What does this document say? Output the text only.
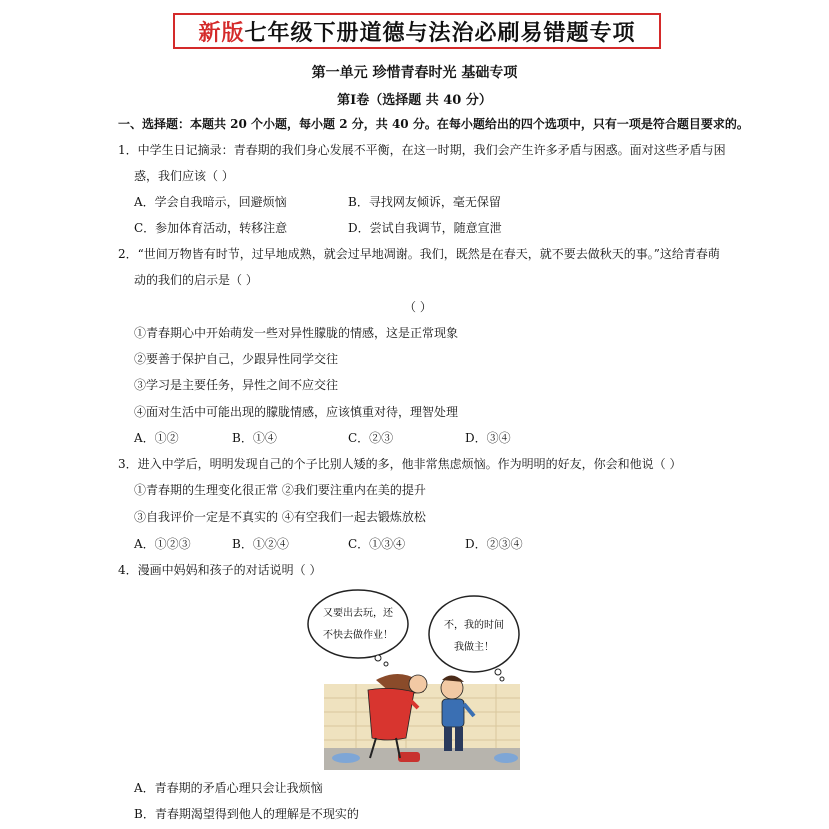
新版 七年级下册道德与法治必刷易错题专项
第一单元 珍惜青春时光 基础专项
第Ⅰ卷（选择题 共 40 分）
一、选择题：本题共 20 个小题，每小题 2 分，共 40 分。在每小题给出的四个选项中，只有一项是符合题目要求的。
1．中学生日记摘录：青春期的我们身心发展不平衡，在这一时期，我们会产生许多矛盾与困惑。面对这些矛盾与困
惑，我们应该（ ）
A．学会自我暗示，回避烦恼	B．寻找网友倾诉，毫无保留
C．参加体育活动，转移注意	D．尝试自我调节，随意宣泄
2．“世间万物皆有时节，过早地成熟，就会过早地凋谢。我们，既然是在春天，就不要去做秋天的事。”这给青春萌
动的我们的启示是（ ）
（ ）
①青春期心中开始萌发一些对异性朦胧的情感，这是正常现象
②要善于保护自己，少跟异性同学交往
③学习是主要任务，异性之间不应交往
④面对生活中可能出现的朦胧情感，应该慎重对待，理智处理
A．①②	B．①④	C．②③	D．③④
3．进入中学后，明明发现自己的个子比别人矮的多，他非常焦虑烦恼。作为明明的好友，你会和他说（ ）
①青春期的生理变化很正常 ②我们要注重内在美的提升
③自我评价一定是不真实的 ④有空我们一起去锻炼放松
A．①②③	B．①②④	C．①③④	D．②③④
4．漫画中妈妈和孩子的对话说明（ ）
又要出去玩，还
不快去做作业！
不，我的时间
我做主！
A．青春期的矛盾心理只会让我烦恼
B．青春期渴望得到他人的理解是不现实的
